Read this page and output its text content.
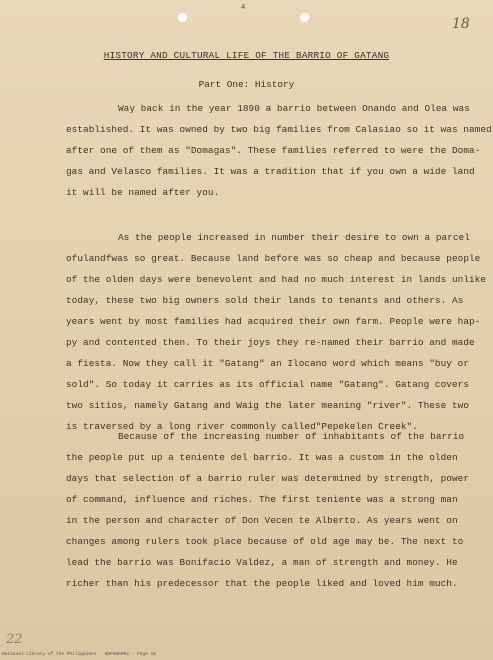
4
18
HISTORY AND CULTURAL LIFE OF THE BARRIO OF GATANG
Part One: History
Way back in the year 1890 a barrio between Onando and Olea was
established. It was owned by two big families from Calasiao so it was named
after one of them as "Domagas". These families referred to were the Doma-
gas and Velasco families. It was a tradition that if you own a wide land
it will be named after you.
As the people increased in number their desire to own a parcel
ofulandfwas so great. Because land before was so cheap and because people
of the olden days were benevolent and had no much interest in lands unlike
today, these two big owners sold their lands to tenants and others. As
years went by most families had acquired their own farm. People were hap-
py and contented then. To their joys they re-named their barrio and made
a fiesta. Now they call it "Gatang" an Ilocano word which means "buy or
sold". So today it carries as its official name "Gatang". Gatang covers
two sitios, namely Gatang and Waig the later meaning "river". These two
is traversed by a long river commonly called"Pepekelen Creek".
Because of the increasing number of inhabitants of the barrio
the people put up a teniente del barrio. It was a custom in the olden
days that selection of a barrio ruler was determined by strength, power
of command, influence and riches. The first teniente was a strong man
in the person and character of Don Vecen te Alberto. As years went on
changes among rulers took place because of old age may be. The next to
lead the barrio was Bonifacio Valdez, a man of strength and money. He
richer than his predecessor that the people liked and loved him much.
22
National Library of the Philippines · HDPHN0002 · Page 18
